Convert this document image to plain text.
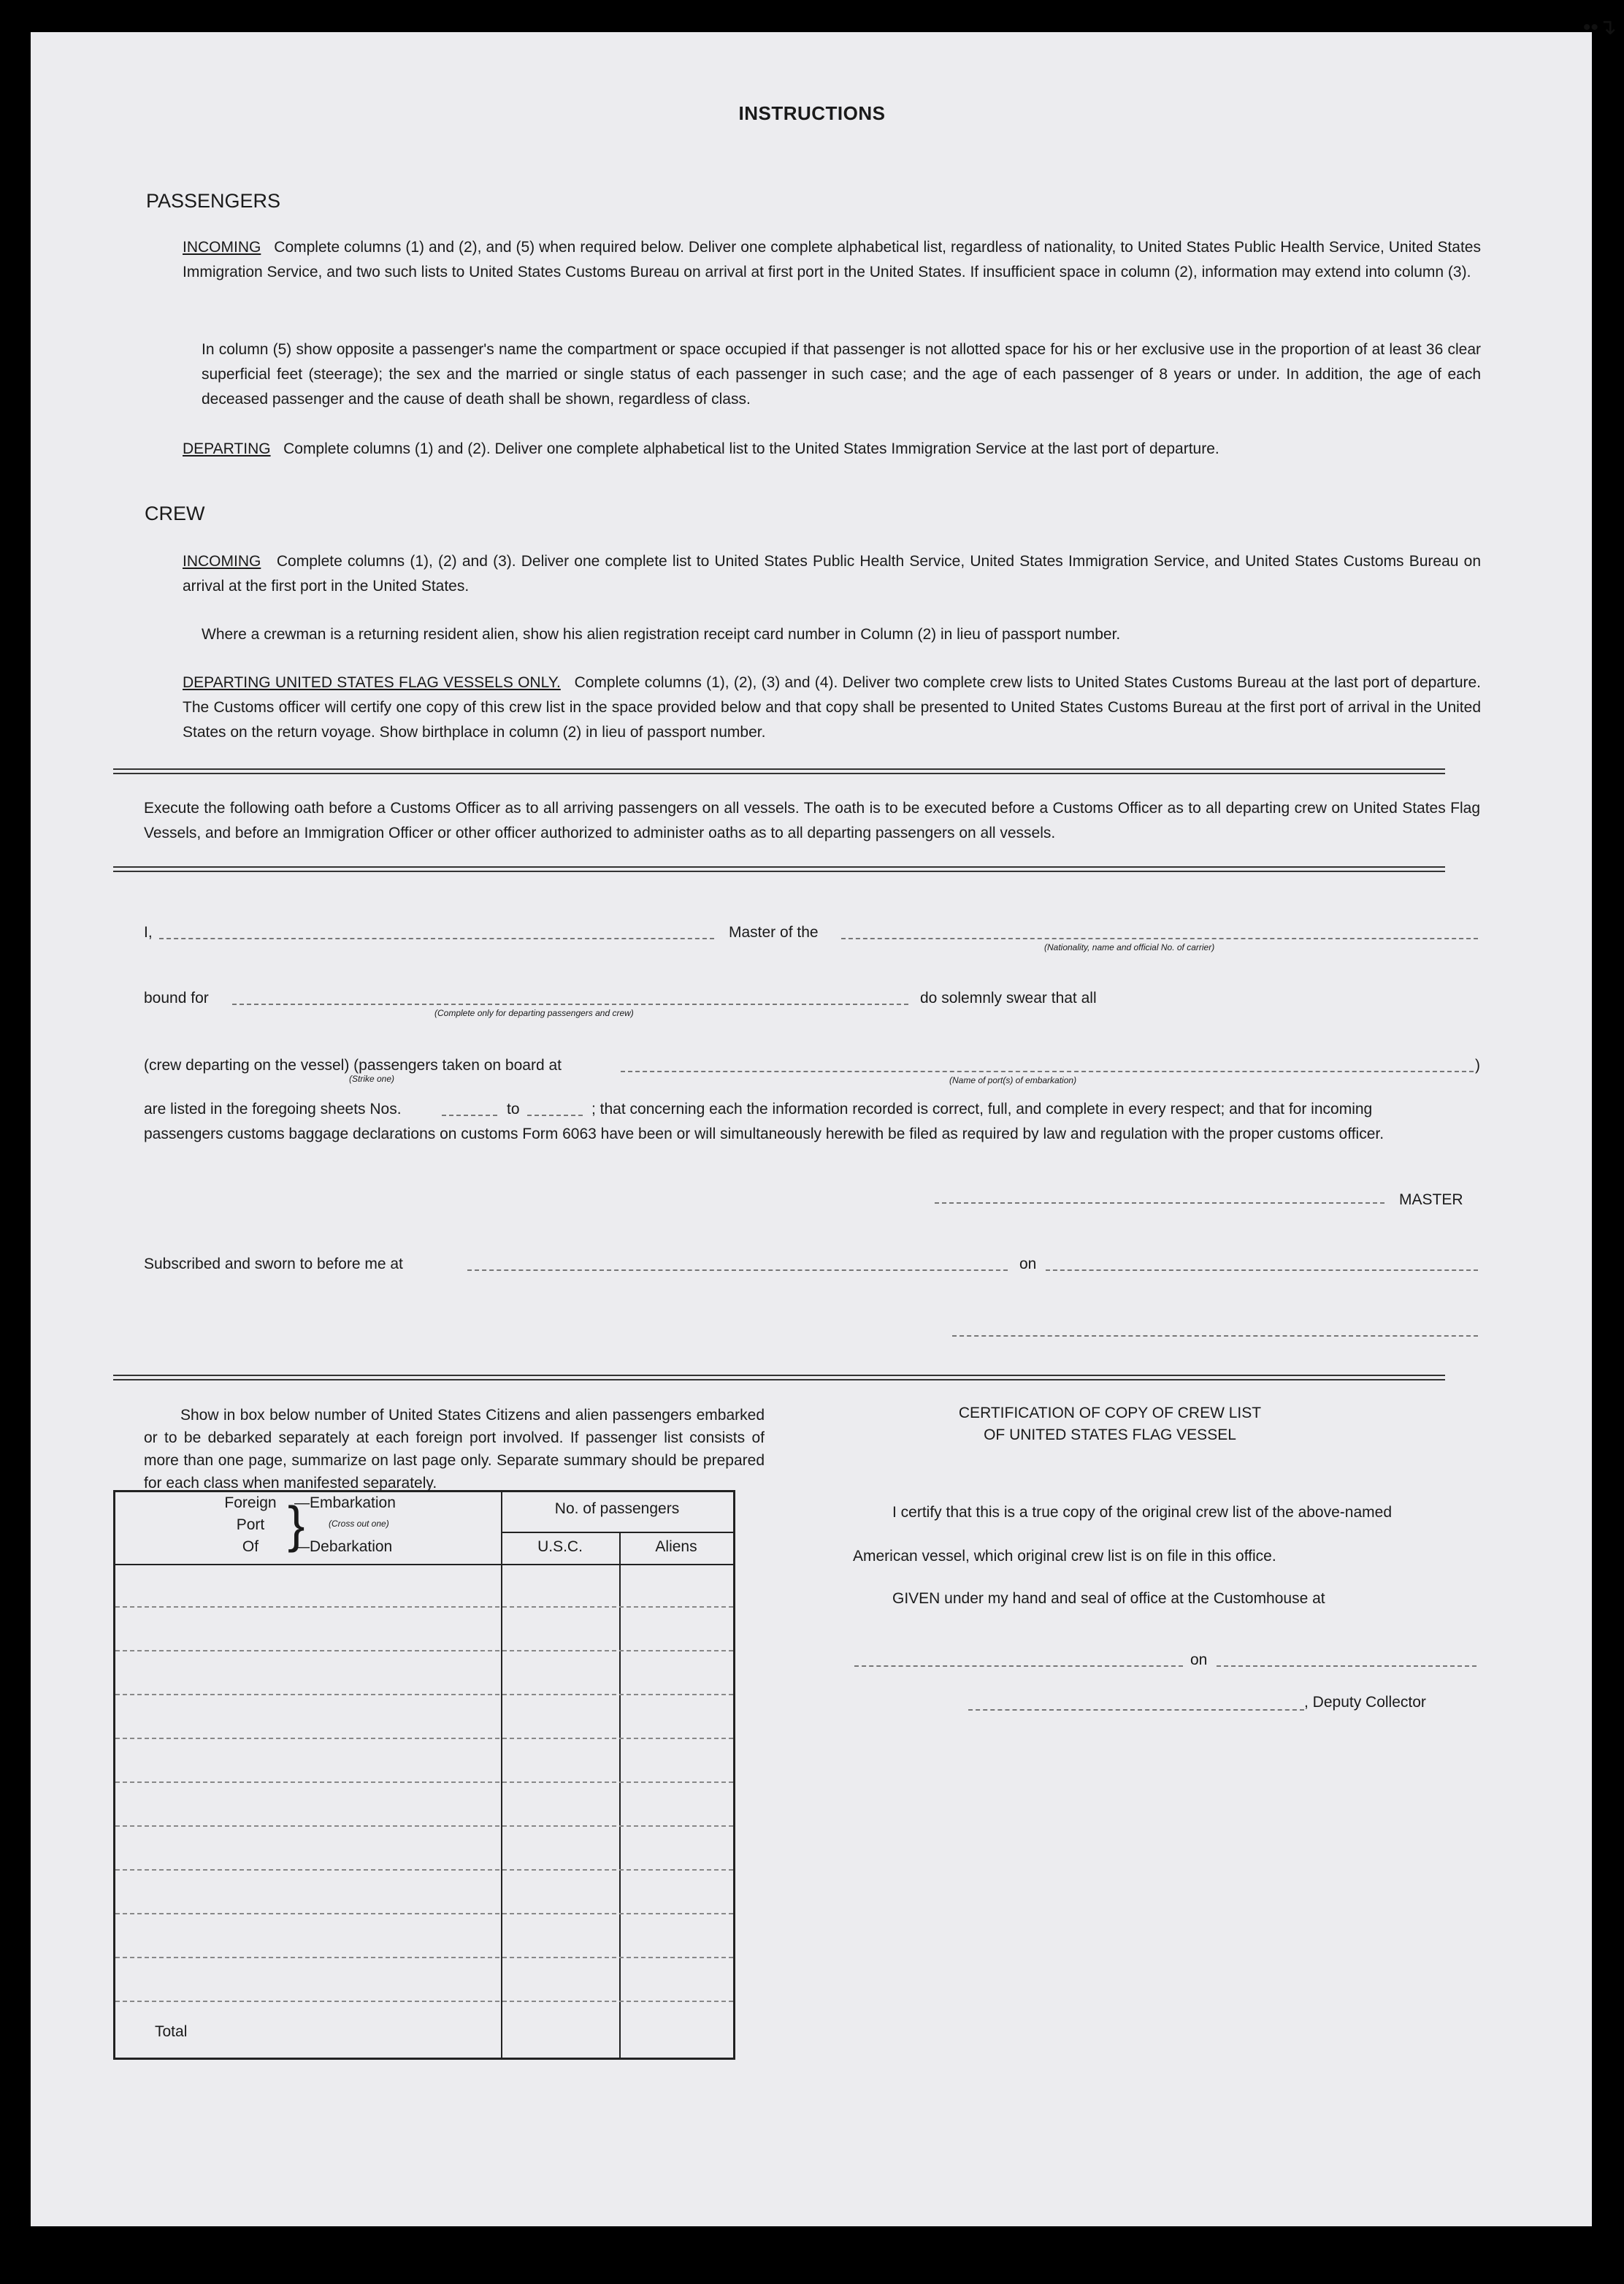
••↴
INSTRUCTIONS
PASSENGERS
INCOMING Complete columns (1) and (2), and (5) when required below. Deliver one complete alphabetical list, regardless of nationality, to United States Public Health Service, United States Immigration Service, and two such lists to United States Customs Bureau on arrival at first port in the United States. If insufficient space in column (2), information may extend into column (3).
In column (5) show opposite a passenger's name the compartment or space occupied if that passenger is not allotted space for his or her exclusive use in the proportion of at least 36 clear superficial feet (steerage); the sex and the married or single status of each passenger in such case; and the age of each passenger of 8 years or under. In addition, the age of each deceased passenger and the cause of death shall be shown, regardless of class.
DEPARTING Complete columns (1) and (2). Deliver one complete alphabetical list to the United States Immigration Service at the last port of departure.
CREW
INCOMING Complete columns (1), (2) and (3). Deliver one complete list to United States Public Health Service, United States Immigration Service, and United States Customs Bureau on arrival at the first port in the United States.
Where a crewman is a returning resident alien, show his alien registration receipt card number in Column (2) in lieu of passport number.
DEPARTING UNITED STATES FLAG VESSELS ONLY. Complete columns (1), (2), (3) and (4). Deliver two complete crew lists to United States Customs Bureau at the last port of departure. The Customs officer will certify one copy of this crew list in the space provided below and that copy shall be presented to United States Customs Bureau at the first port of arrival in the United States on the return voyage. Show birthplace in column (2) in lieu of passport number.
Execute the following oath before a Customs Officer as to all arriving passengers on all vessels. The oath is to be executed before a Customs Officer as to all departing crew on United States Flag Vessels, and before an Immigration Officer or other officer authorized to administer oaths as to all departing passengers on all vessels.
I,	Master of the
(Nationality, name and official No. of carrier)
bound for
(Complete only for departing passengers and crew)
do solemnly swear that all
(crew departing on the vessel) (passengers taken on board at	)
(Strike one)	(Name of port(s) of embarkation)
are listed in the foregoing sheets Nos.	to	; that concerning each the information recorded is correct, full, and complete in every respect; and that for incoming
passengers customs baggage declarations on customs Form 6063 have been or will simultaneously herewith be filed as required by law and regulation with the proper customs officer.
MASTER
Subscribed and sworn to before me at	on
Show in box below number of United States Citizens and alien passengers embarked or to be debarked separately at each foreign port involved. If passenger list consists of more than one page, summarize on last page only. Separate summary should be prepared for each class when manifested separately.
Foreign
Port
Of }
—Embarkation
(Cross out one)
—Debarkation
No. of passengers
U.S.C.	Aliens
Total
CERTIFICATION OF COPY OF CREW LIST
OF UNITED STATES FLAG VESSEL
I certify that this is a true copy of the original crew list of the above-named
American vessel, which original crew list is on file in this office.
GIVEN under my hand and seal of office at the Customhouse at
on
, Deputy Collector
